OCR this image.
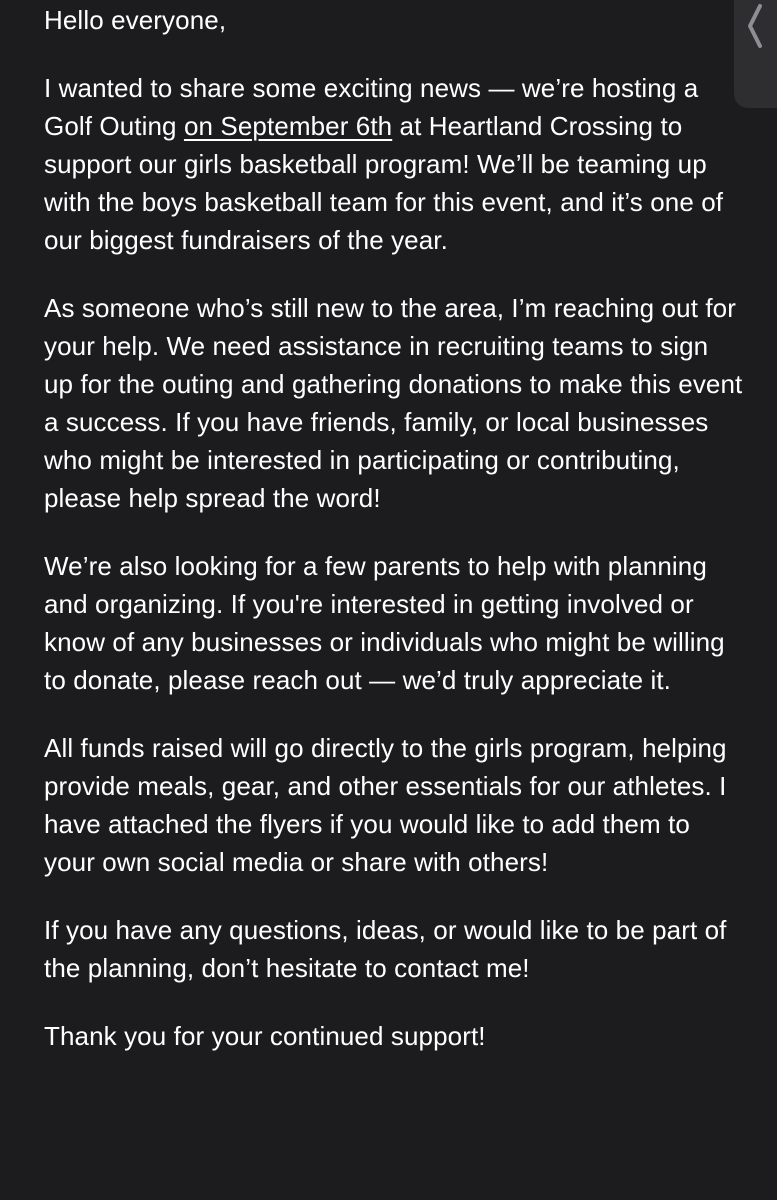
Hello everyone,

I wanted to share some exciting news — we’re hosting a Golf Outing on September 6th at Heartland Crossing to support our girls basketball program! We’ll be teaming up with the boys basketball team for this event, and it’s one of our biggest fundraisers of the year.

As someone who’s still new to the area, I’m reaching out for your help. We need assistance in recruiting teams to sign up for the outing and gathering donations to make this event a success. If you have friends, family, or local businesses who might be interested in participating or contributing, please help spread the word!

We’re also looking for a few parents to help with planning and organizing. If you're interested in getting involved or know of any businesses or individuals who might be willing to donate, please reach out — we’d truly appreciate it.

All funds raised will go directly to the girls program, helping provide meals, gear, and other essentials for our athletes. I have attached the flyers if you would like to add them to your own social media or share with others!

If you have any questions, ideas, or would like to be part of the planning, don’t hesitate to contact me!

Thank you for your continued support!
